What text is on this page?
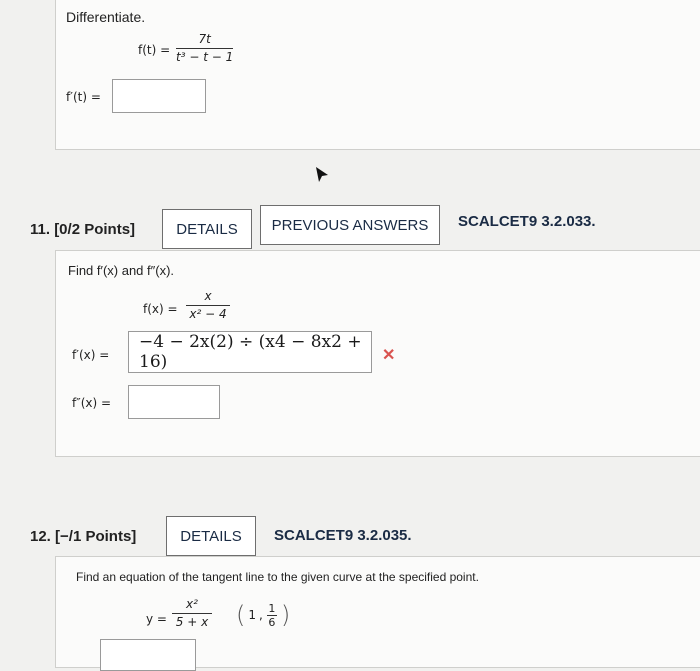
Differentiate.
f(t) =
7t
t³ − t − 1
f′(t) =
11. [0/2 Points]	DETAILS	PREVIOUS ANSWERS	SCALCET9 3.2.033.
Find f′(x) and f″(x).
f(x) =
x
x² − 4
f′(x) =
−4 − 2x(2) ÷ (x4 − 8x2 + 16)	✕
f″(x) =
12. [−/1 Points]	DETAILS	SCALCET9 3.2.035.
Find an equation of the tangent line to the given curve at the specified point.
y =
x²
5 + x ( 1 , 1
6 )
